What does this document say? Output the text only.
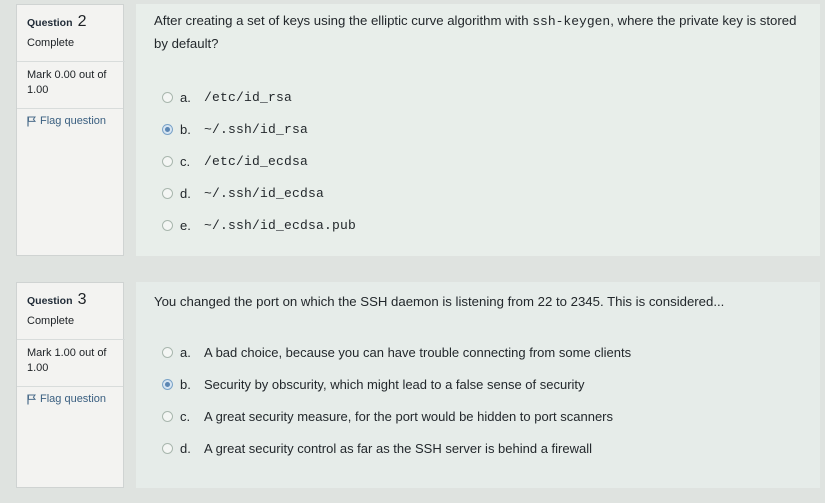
Question 2
Complete
Mark 0.00 out of 1.00
Flag question
After creating a set of keys using the elliptic curve algorithm with ssh-keygen, where the private key is stored by default?
a.	/etc/id_rsa
b.	~/.ssh/id_rsa
c.	/etc/id_ecdsa
d.	~/.ssh/id_ecdsa
e.	~/.ssh/id_ecdsa.pub
Question 3
Complete
Mark 1.00 out of 1.00
Flag question
You changed the port on which the SSH daemon is listening from 22 to 2345. This is considered...
a.	A bad choice, because you can have trouble connecting from some clients
b.	Security by obscurity, which might lead to a false sense of security
c.	A great security measure, for the port would be hidden to port scanners
d.	A great security control as far as the SSH server is behind a firewall
